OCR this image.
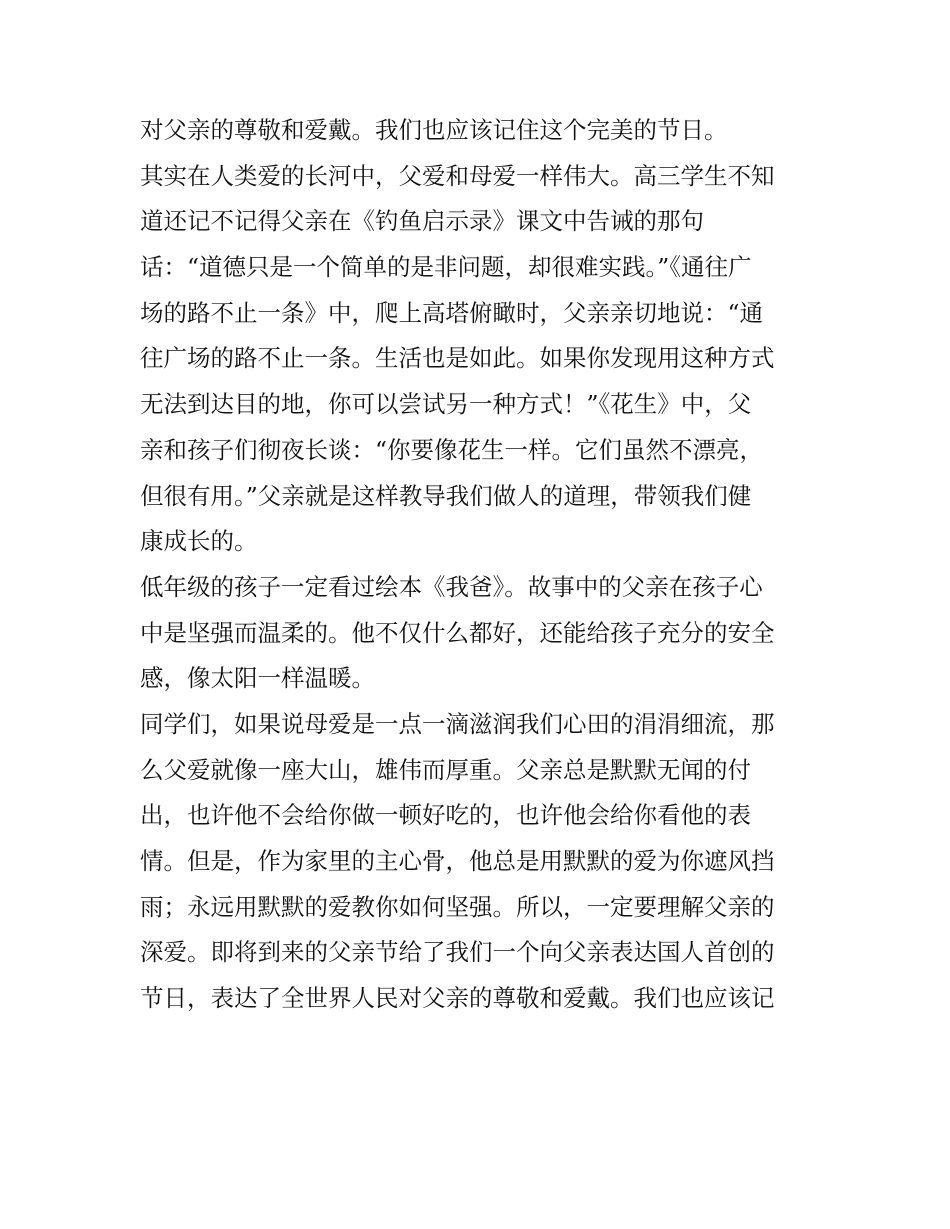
对父亲的尊敬和爱戴。我们也应该记住这个完美的节日。
其实在人类爱的长河中，父爱和母爱一样伟大。高三学生不知
道还记不记得父亲在《钓鱼启示录》课文中告诫的那句
话：“道德只是一个简单的是非问题，却很难实践。”《通往广
场的路不止一条》中，爬上高塔俯瞰时，父亲亲切地说：“通
往广场的路不止一条。生活也是如此。如果你发现用这种方式
无法到达目的地，你可以尝试另一种方式！”《花生》中，父
亲和孩子们彻夜长谈：“你要像花生一样。它们虽然不漂亮，
但很有用。”父亲就是这样教导我们做人的道理，带领我们健
康成长的。
低年级的孩子一定看过绘本《我爸》。故事中的父亲在孩子心
中是坚强而温柔的。他不仅什么都好，还能给孩子充分的安全
感，像太阳一样温暖。
同学们，如果说母爱是一点一滴滋润我们心田的涓涓细流，那
么父爱就像一座大山，雄伟而厚重。父亲总是默默无闻的付
出，也许他不会给你做一顿好吃的，也许他会给你看他的表
情。但是，作为家里的主心骨，他总是用默默的爱为你遮风挡
雨；永远用默默的爱教你如何坚强。所以，一定要理解父亲的
深爱。即将到来的父亲节给了我们一个向父亲表达国人首创的
节日，表达了全世界人民对父亲的尊敬和爱戴。我们也应该记
